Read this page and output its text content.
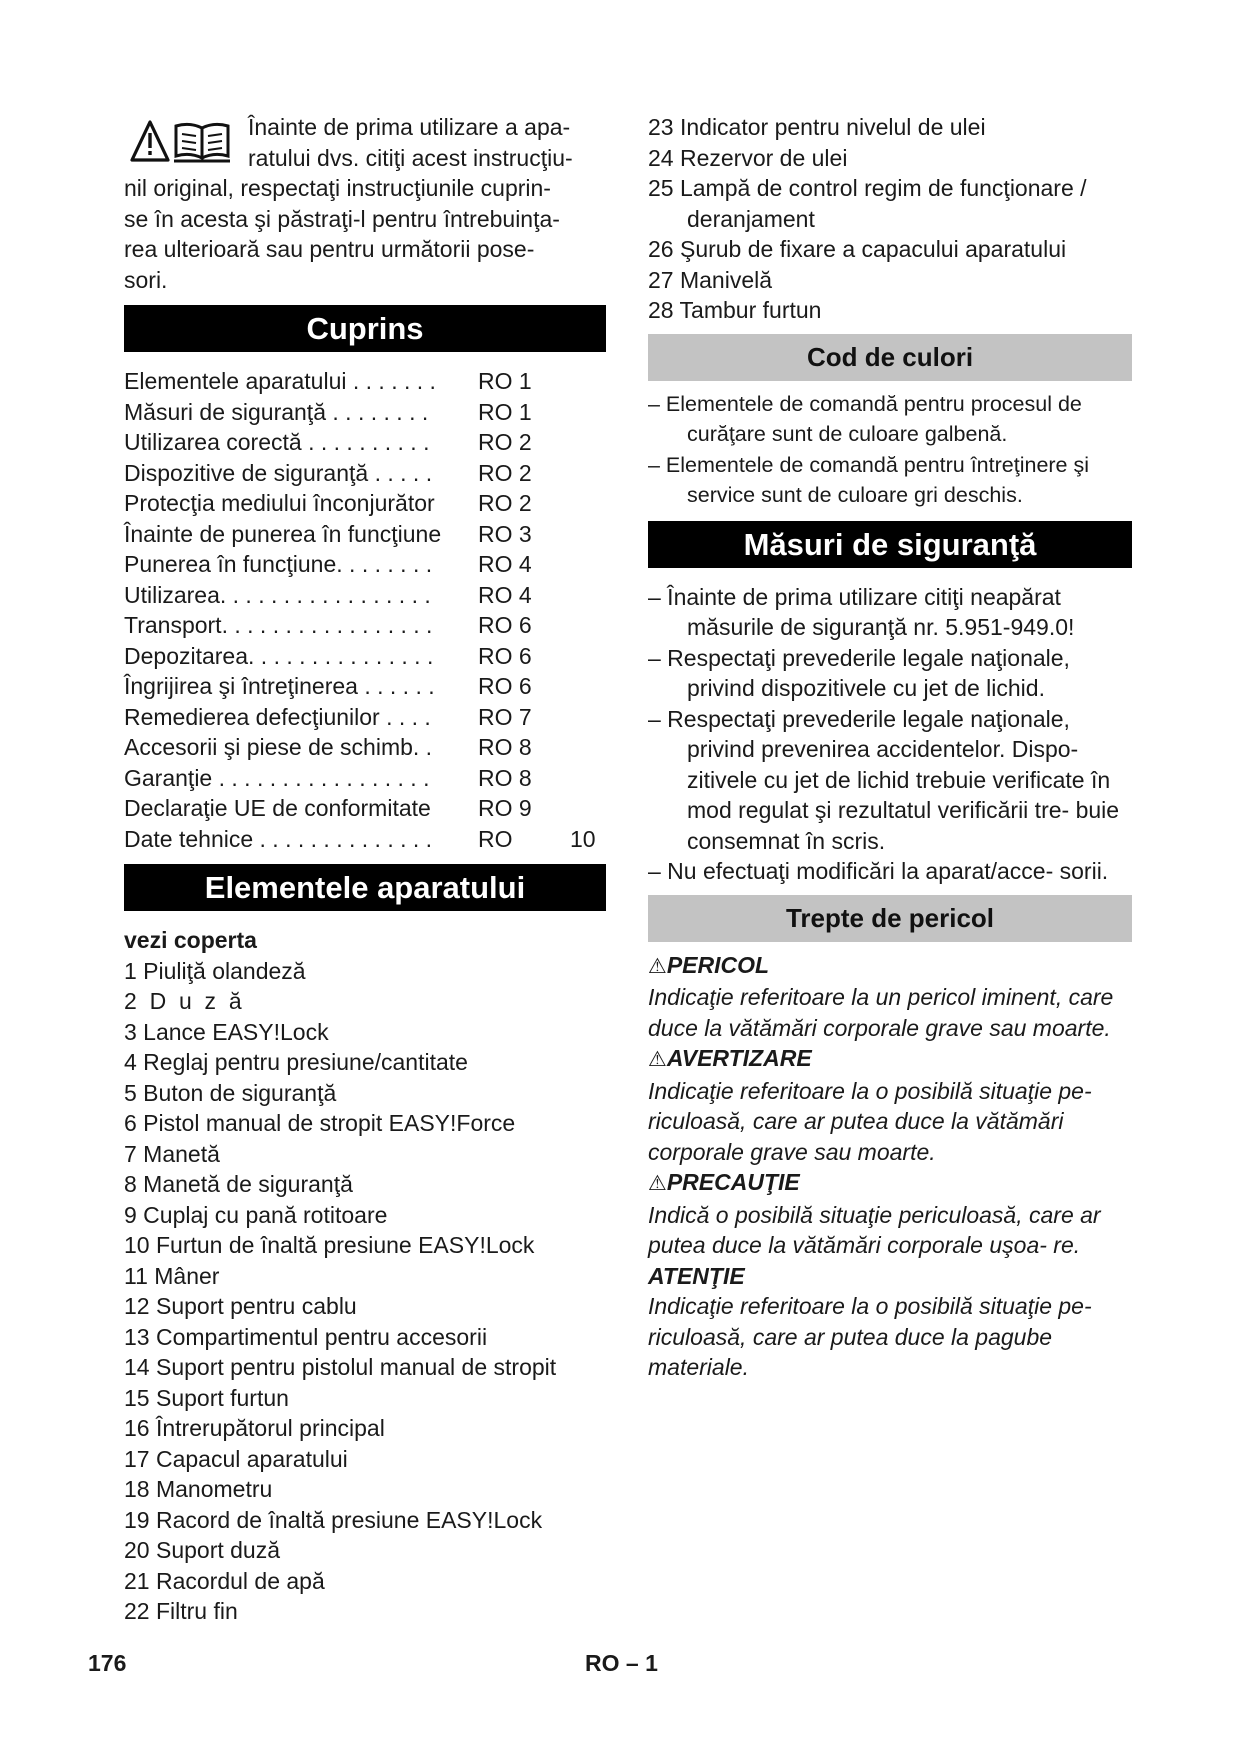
Înainte de prima utilizare a apa-
ratului dvs. citiţi acest instrucţiu-
nil original, respectaţi instrucţiunile cuprin-
se în acesta şi păstraţi-l pentru întrebuinţa-
rea ulterioară sau pentru următorii pose-
sori.
Cuprins
Elementele aparatului . . . . . . . RO 1
Măsuri de siguranţă . . . . . . . . RO 1
Utilizarea corectă . . . . . . . . . . RO 2
Dispozitive de siguranţă . . . . . RO 2
Protecţia mediului înconjurător RO 2
Înainte de punerea în funcţiune RO 3
Punerea în funcţiune. . . . . . . . RO 4
Utilizarea. . . . . . . . . . . . . . . . . RO 4
Transport. . . . . . . . . . . . . . . . . RO 6
Depozitarea. . . . . . . . . . . . . . . RO 6
Îngrijirea şi întreţinerea . . . . . . RO 6
Remedierea defecţiunilor . . . . RO 7
Accesorii şi piese de schimb. . RO 8
Garanţie . . . . . . . . . . . . . . . . . RO 8
Declaraţie UE de conformitate RO 9
Date tehnice . . . . . . . . . . . . . . RO	10
Elementele aparatului
vezi coperta
1 Piuliţă olandeză
2  D  u  z  ă
3 Lance EASY!Lock
4 Reglaj pentru presiune/cantitate
5 Buton de siguranţă
6 Pistol manual de stropit EASY!Force
7 Manetă
8 Manetă de siguranţă
9 Cuplaj cu pană rotitoare
10 Furtun de înaltă presiune EASY!Lock
11 Mâner
12 Suport pentru cablu
13 Compartimentul pentru accesorii
14 Suport pentru pistolul manual de stropit
15 Suport furtun
16 Întrerupătorul principal
17 Capacul aparatului
18 Manometru
19 Racord de înaltă presiune EASY!Lock
20 Suport duză
21 Racordul de apă
22 Filtru fin
23 Indicator pentru nivelul de ulei
24 Rezervor de ulei
25 Lampă de control regim de funcţionare / deranjament
26 Şurub de fixare a capacului aparatului
27 Manivelă
28 Tambur furtun
Cod de culori
– Elementele de comandă pentru procesul de curăţare sunt de culoare galbenă.
– Elementele de comandă pentru întreţinere şi service sunt de culoare gri deschis.
Măsuri de siguranţă
– Înainte de prima utilizare citiţi neapărat măsurile de siguranţă nr. 5.951-949.0!
– Respectaţi prevederile legale naţionale, privind dispozitivele cu jet de lichid.
– Respectaţi prevederile legale naţionale, privind prevenirea accidentelor. Dispo- zitivele cu jet de lichid trebuie verificate în mod regulat şi rezultatul verificării tre- buie consemnat în scris.
– Nu efectuaţi modificări la aparat/acce- sorii.
Trepte de pericol
⚠PERICOL
Indicaţie referitoare la un pericol iminent, care duce la vătămări corporale grave sau moarte.
⚠AVERTIZARE
Indicaţie referitoare la o posibilă situaţie pe- riculoasă, care ar putea duce la vătămări corporale grave sau moarte.
⚠PRECAUŢIE
Indică o posibilă situaţie periculoasă, care ar putea duce la vătămări corporale uşoa- re.
ATENŢIE
Indicaţie referitoare la o posibilă situaţie pe- riculoasă, care ar putea duce la pagube materiale.
176	RO – 1
